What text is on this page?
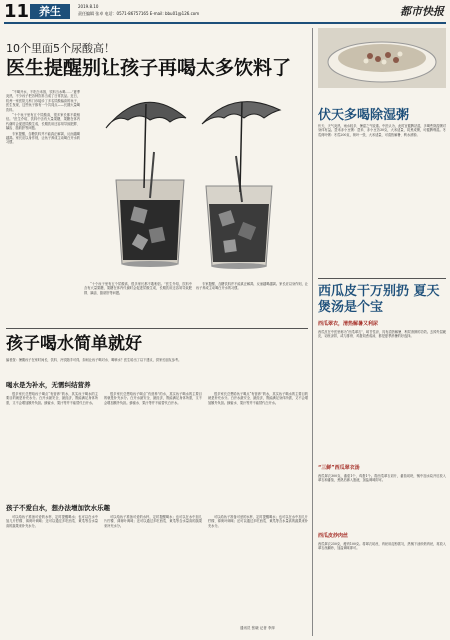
11 养生	2019.8.10
责任编辑 张卓 电话：0571-86757165 E-mail: bbu01@126.com	都市快报
10个里面5个尿酸高！
医生提醒别让孩子再喝太多饮料了

“不喝开水，不吃白米饭，饮料当水喝……”夏季炎热，不少孩子把各种饮料当成了日常饮品。近日，杭州一家医院儿科门诊接诊了多名尿酸偏高的孩子，医生发现，这些孩子都有一个共同点——长期大量喝饮料。

“十个孩子里有五个尿酸高，很多家长都不敢相信。”医生介绍，饮料中含有大量果糖，果糖在体内代谢时会促进尿酸生成，长期饮用还容易导致肥胖、龋齿、脂肪肝等问题。

专家提醒，含糖饮料并不能真正解渴，反而越喝越渴。家长应以身作则，让孩子养成主动喝白开水的习惯。

“十个孩子里有五个尿酸高，很多家长都不敢相信。”医生介绍，饮料中含有大量果糖，果糖在体内代谢时会促进尿酸生成，长期饮用还容易导致肥胖、龋齿、脂肪肝等问题。

专家提醒，含糖饮料并不能真正解渴，反而越喝越渴。家长应以身作则，让孩子养成主动喝白开水的习惯。

孩子喝水简单就好
编者按：暑期孩子在家时间长，饮料、冷饮随手可得，如何让孩子喝对水、喝够水？医生给出了以下建议，供家长朋友参考。
喝水是为补水，无需纠结营养

很多家长总想给孩子喝点“有营养”的水，其实孩子喝水的主要目的就是补充水分。白开水最安全、最经济，既能满足身体所需，又不会增加额外负担。蜂蜜水、果汁等并不能替代白开水。

很多家长总想给孩子喝点“有营养”的水，其实孩子喝水的主要目的就是补充水分。白开水最安全、最经济，既能满足身体所需，又不会增加额外负担。蜂蜜水、果汁等并不能替代白开水。

很多家长总想给孩子喝点“有营养”的水，其实孩子喝水的主要目的就是补充水分。白开水最安全、最经济，既能满足身体所需，又不会增加额外负担。蜂蜜水、果汁等并不能替代白开水。

孩子不爱白水，想办法增加饮水乐趣

可以给孩子准备可爱的水杯，定时提醒喝水；也可以在水中加几片柠檬、薄荷叶调味；还可以通过多吃西瓜、黄瓜等含水量高的蔬果来补充水分。

可以给孩子准备可爱的水杯，定时提醒喝水；也可以在水中加几片柠檬、薄荷叶调味；还可以通过多吃西瓜、黄瓜等含水量高的蔬果来补充水分。

可以给孩子准备可爱的水杯，定时提醒喝水；也可以在水中加几片柠檬、薄荷叶调味；还可以通过多吃西瓜、黄瓜等含水量高的蔬果来补充水分。

通讯员 张晓 记者 李萍
伏天多喝除湿粥
伏天，天气炎热，雨水较多，暑湿之气较重。中医认为，此时宜健脾祛湿，多喝些除湿粥对身体有益。薏米赤小豆粥：薏米、赤小豆各30克，大米适量，同煮成粥，可健脾利湿。冬瓜荷叶粥：冬瓜200克，荷叶一张，大米适量，可清热解暑、利水消肿。
西瓜皮干万别扔 夏天煲汤是个宝
西瓜翠衣，清热解暑又利尿
西瓜皮在中医里称为“西瓜翠衣”，味甘性凉，具有清热解暑、利尿消肿的功效。去掉外层硬皮，切丝凉拌，或与排骨、鸡蛋同煮成汤，都是夏季消暑的好选择。
“三鲜”西瓜翠衣汤
西瓜翠衣300克，番茄1个，鸡蛋1个。将西瓜翠衣切片，番茄切块，锅中加水烧开后放入翠衣和番茄，煮熟后淋入蛋液，加盐调味即可。
西瓜皮炒肉丝
西瓜翠衣250克，瘦肉100克。将翠衣切丝，肉丝用淀粉抓匀，热锅下油炒熟肉丝，再放入翠衣丝翻炒，加盐调味即可。
